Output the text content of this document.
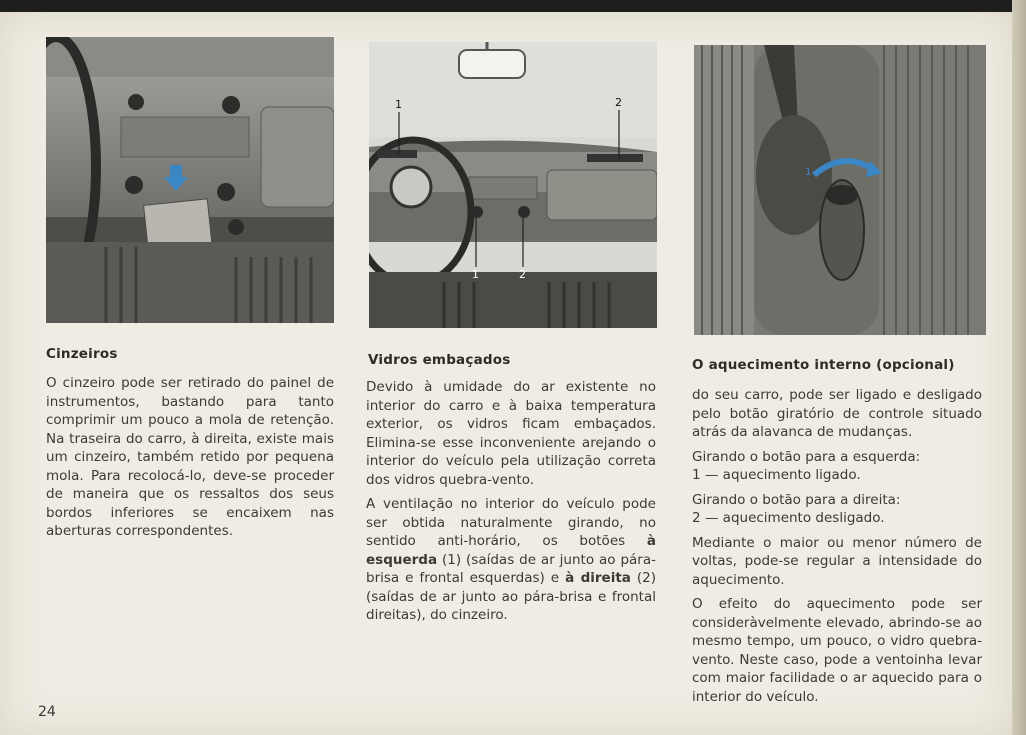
1	2
1	2
1	2
Cinzeiros
O cinzeiro pode ser retirado do painel de instrumentos, bastando para tanto comprimir um pouco a mola de retenção. Na traseira do carro, à direita, existe mais um cinzeiro, também retido por pequena mola. Para recolocá-lo, deve-se proceder de maneira que os ressaltos dos seus bordos inferiores se encaixem nas aberturas correspondentes.
Vidros embaçados

Devido à umidade do ar existente no interior do carro e à baixa temperatura exterior, os vidros ficam embaçados. Elimina-se esse inconveniente arejando o interior do veículo pela utilização correta dos vidros quebra-vento.

A ventilação no interior do veículo pode ser obtida naturalmente girando, no sentido anti-horário, os botões à esquerda (1) (saídas de ar junto ao pára-brisa e frontal esquerdas) e à direita (2) (saídas de ar junto ao pára-brisa e frontal direitas), do cinzeiro.

O aquecimento interno (opcional)

do seu carro, pode ser ligado e desligado pelo botão giratório de controle situado atrás da alavanca de mudanças.

Girando o botão para a esquerda:
1 — aquecimento ligado.

Girando o botão para a direita:
2 — aquecimento desligado.

Mediante o maior ou menor número de voltas, pode-se regular a intensidade do aquecimento.

O efeito do aquecimento pode ser consideràvelmente elevado, abrindo-se ao mesmo tempo, um pouco, o vidro quebra-vento. Neste caso, pode a ventoinha levar com maior facilidade o ar aquecido para o interior do veículo.

24
